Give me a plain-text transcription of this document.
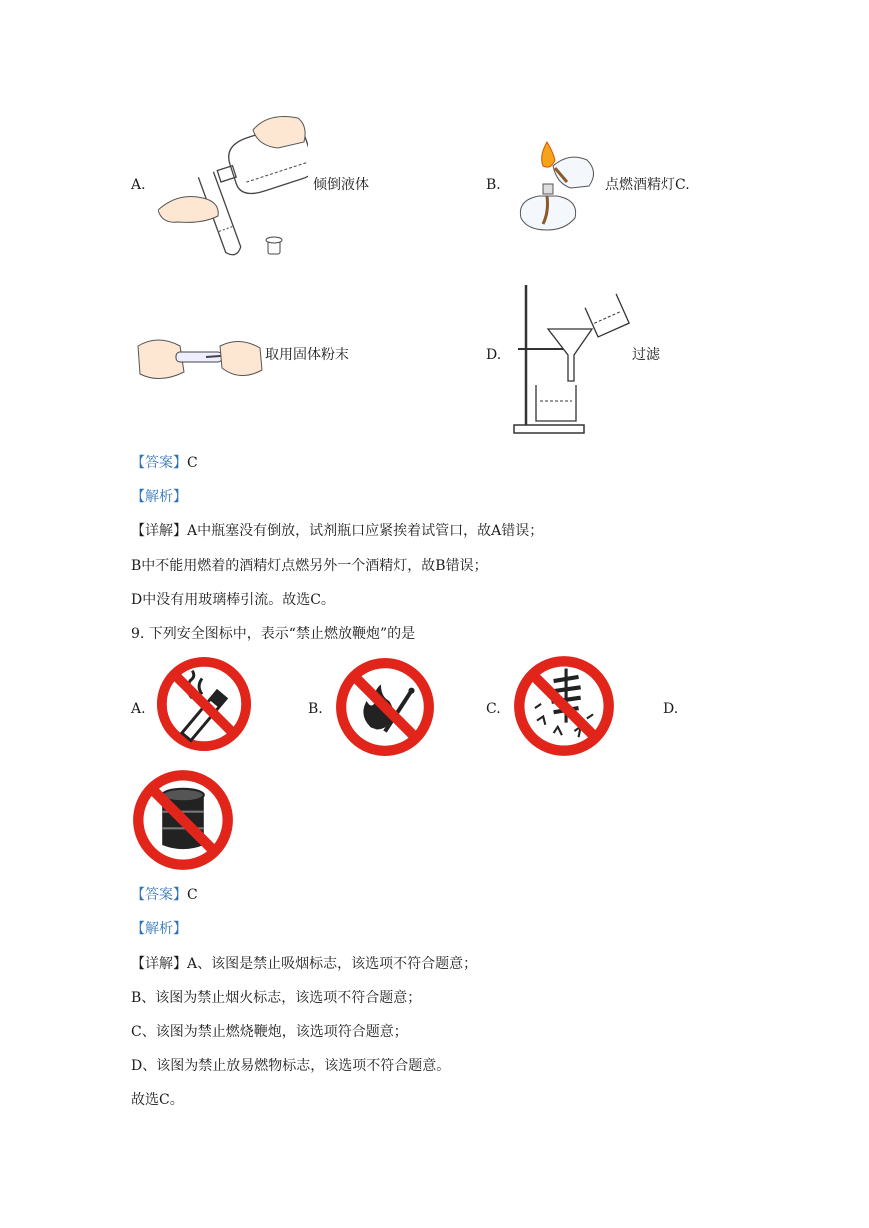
A.	倾倒液体	B.	点燃酒精灯C.
取用固体粉末	D.	过滤
【答案】C
【解析】
【详解】A中瓶塞没有倒放，试剂瓶口应紧挨着试管口，故A错误；
B中不能用燃着的酒精灯点燃另外一个酒精灯，故B错误；
D中没有用玻璃棒引流。故选C。
9. 下列安全图标中，表示“禁止燃放鞭炮”的是
A.	B.	C.	D.
【答案】C
【解析】
【详解】A、该图是禁止吸烟标志，该选项不符合题意；
B、该图为禁止烟火标志，该选项不符合题意；
C、该图为禁止燃烧鞭炮，该选项符合题意；
D、该图为禁止放易燃物标志，该选项不符合题意。
故选C。
